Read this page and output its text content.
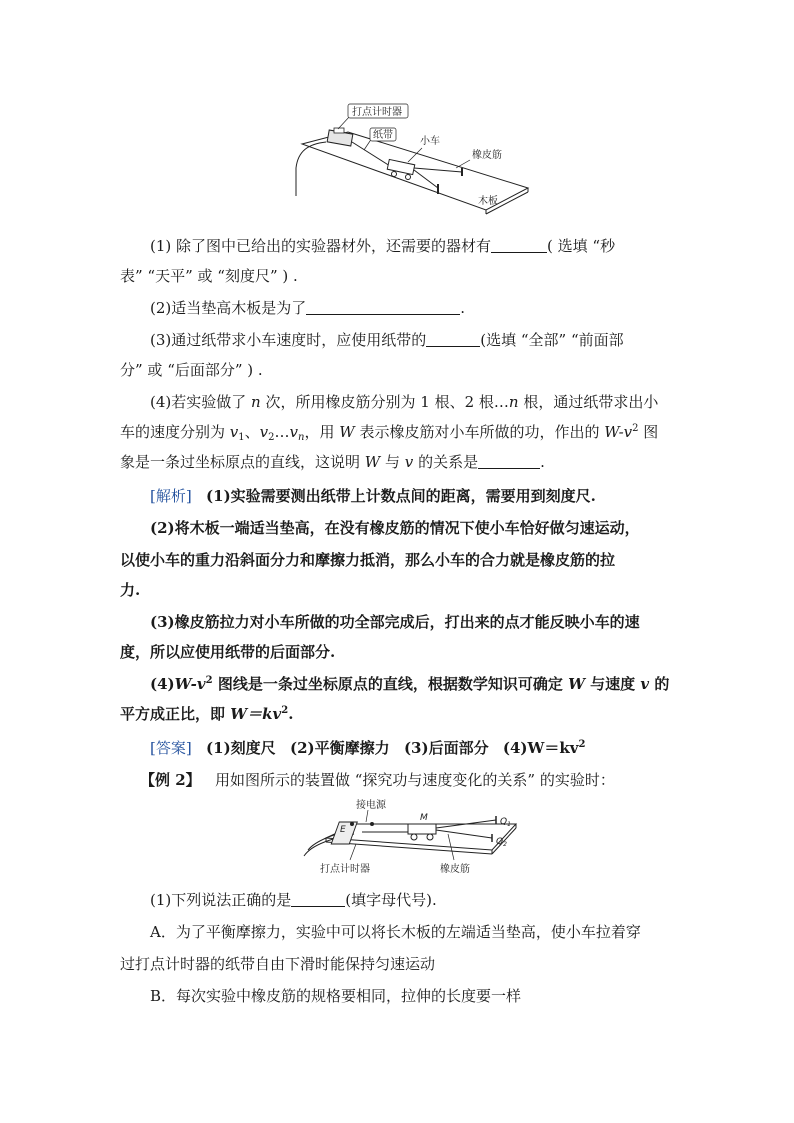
打点计时器
纸带
小车
橡皮筋
木板
(1) 除了图中已给出的实验器材外，还需要的器材有	( 选填 “秒
表” “天平” 或 “刻度尺” ) .
(2)适当垫高木板是为了	.
(3)通过纸带求小车速度时，应使用纸带的	(选填 “全部” “前面部
分” 或 “后面部分” ) .
(4)若实验做了 n 次，所用橡皮筋分别为 1 根、2 根…n 根，通过纸带求出小
车的速度分别为 $v_1$、$v_2\dots v_n$，用 W 表示橡皮筋对小车所做的功，作出的 $W-v^2$ 图
象是一条过坐标原点的直线，这说明 W 与 v 的关系是	.
[解析] (1)实验需要测出纸带上计数点间的距离，需要用到刻度尺.
(2)将木板一端适当垫高，在没有橡皮筋的情况下使小车恰好做匀速运动，
以使小车的重力沿斜面分力和摩擦力抵消，那么小车的合力就是橡皮筋的拉
力.
(3)橡皮筋拉力对小车所做的功全部完成后，打出来的点才能反映小车的速
度，所以应使用纸带的后面部分.
$(4)W-v^2$ 图线是一条过坐标原点的直线，根据数学知识可确定 W 与速度 v 的
平方成正比，即 $W=kv^2$.
[答案] (1)刻度尺 (2)平衡摩擦力 (3)后面部分 $(4)W=kv^2$
【例 2】 用如图所示的装置做 “探究功与速度变化的关系” 的实验时：
接电源
E
M	$Q_1$
$Q_2$
打点计时器	橡皮筋
(1)下列说法正确的是	(填字母代号).
A．为了平衡摩擦力，实验中可以将长木板的左端适当垫高，使小车拉着穿
过打点计时器的纸带自由下滑时能保持匀速运动
B．每次实验中橡皮筋的规格要相同，拉伸的长度要一样
